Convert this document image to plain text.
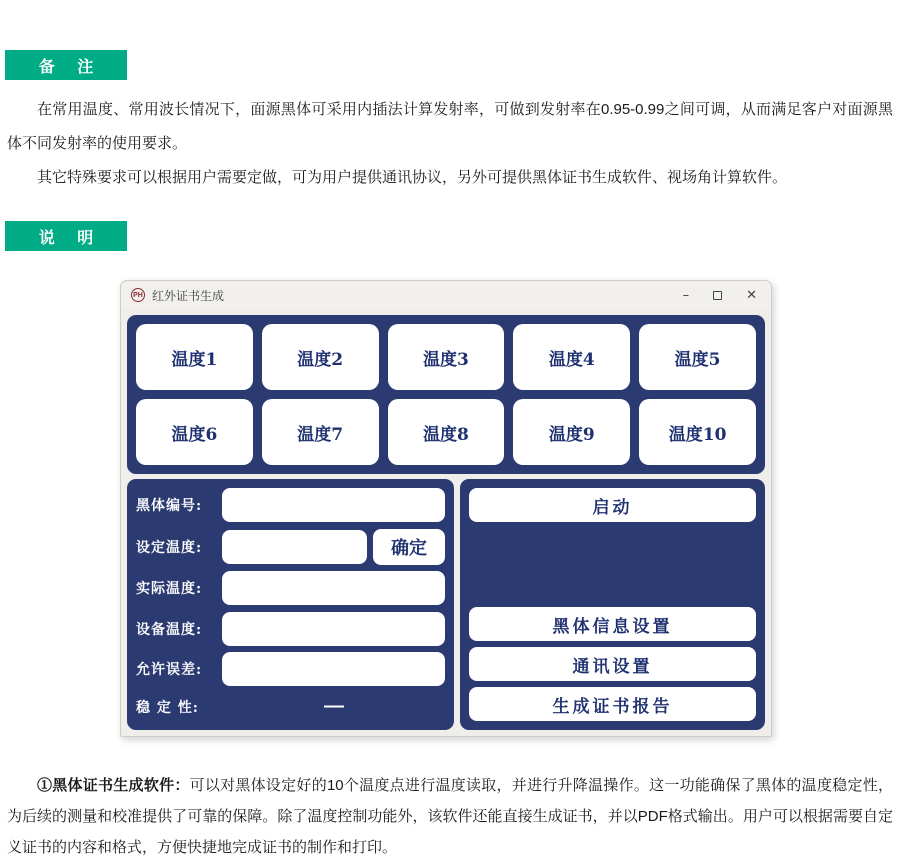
备 注

在常用温度、常用波长情况下，面源黑体可采用内插法计算发射率，可做到发射率在0.95-0.99之间可调，从而满足客户对面源黑体不同发射率的使用要求。

其它特殊要求可以根据用户需要定做，可为用户提供通讯协议，另外可提供黑体证书生成软件、视场角计算软件。

说 明
PH 红外证书生成	–	✕
温度1	温度2	温度3	温度4	温度5
温度6	温度7	温度8	温度9	温度10
黑体编号:
设定温度:	确定
实际温度:
设备温度:
允许误差:
稳 定 性:	—
启动
黑体信息设置
通讯设置
生成证书报告

①黑体证书生成软件：可以对黑体设定好的10个温度点进行温度读取，并进行升降温操作。这一功能确保了黑体的温度稳定性，为后续的测量和校准提供了可靠的保障。除了温度控制功能外，该软件还能直接生成证书，并以PDF格式输出。用户可以根据需要自定义证书的内容和格式，方便快捷地完成证书的制作和打印。
